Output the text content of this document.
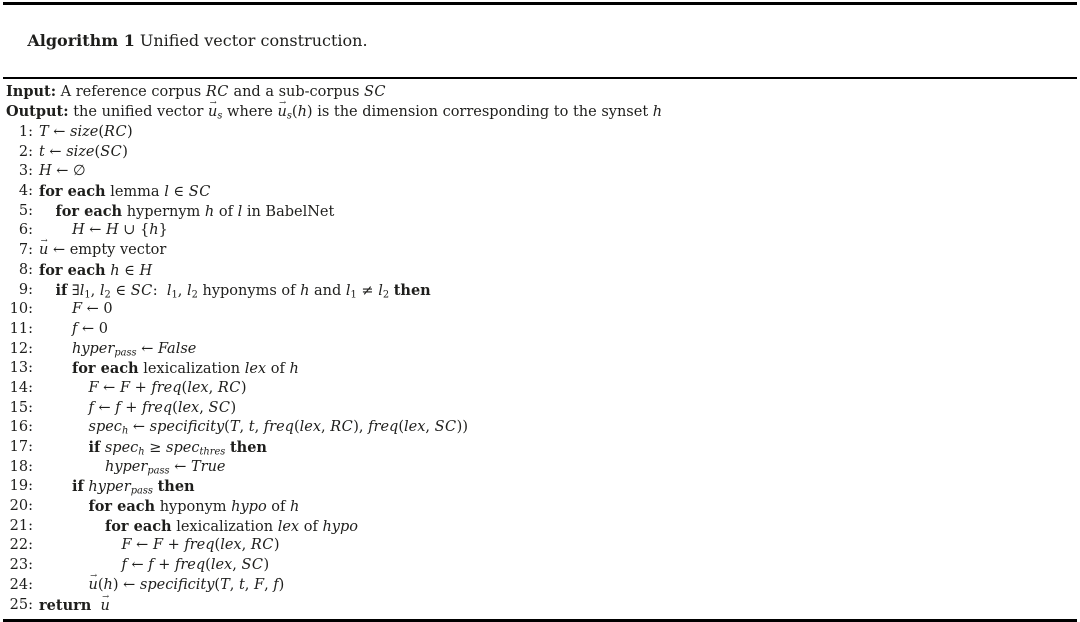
Algorithm 1 Unified vector construction.

Input: A reference corpus RC and a sub-corpus SC
Output: the unified vector $u \to_s$ where $u \to_s(h)$ is the dimension corresponding to the synset h
1: T ← size(RC)
2: t ← size(SC)
3: H ← ∅
4: for each lemma l ∈ SC
5:	for each hypernym h of l in BabelNet
6:	H ← H ∪ {h}
7: u → ← empty vector
8: for each h ∈ H
9:	if $\exists l_1$, $l_2$ ∈ SC:  $l_1$, $l_2$ hyponyms of h and $l_1 \ne l_2$ then
10:	F ← 0
11:	f ← 0
12:	hyper$_{pass}$ ← False
13:	for each lexicalization lex of h
14:	F ← F + freq(lex, RC)
15:	f ← f + freq(lex, SC)
16:	spec$_h$ ← specificity(T, t, freq(lex, RC), freq(lex, SC))
17:	if spec$_h$ ≥ spec$_{thres}$ then
18:	hyper$_{pass}$ ← True
19:	if hyper$_{pass}$ then
20:	for each hyponym hypo of h
21:	for each lexicalization lex of hypo
22:	F ← F + freq(lex, RC)
23:	f ← f + freq(lex, SC)
24:	u →(h) ← specificity(T, t, F, f)
25: return u →
